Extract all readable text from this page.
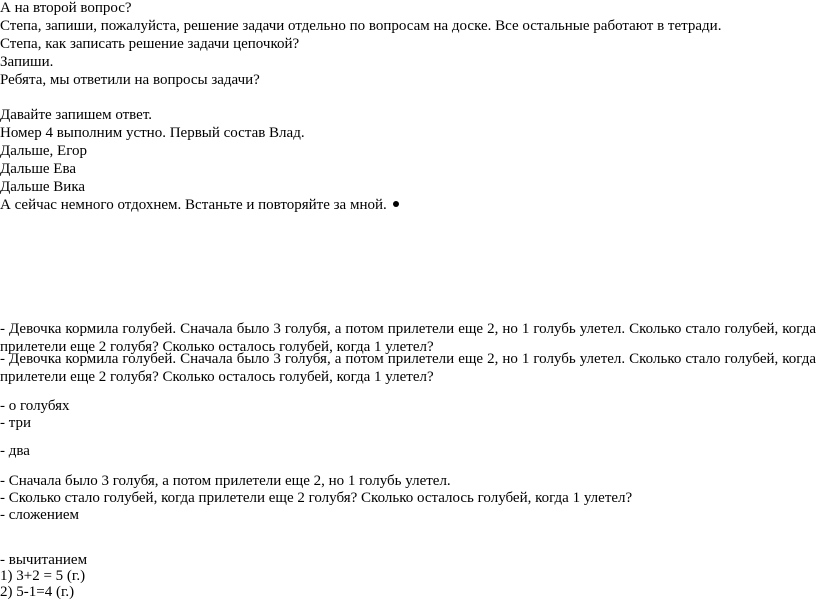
А на второй вопрос?
Степа, запиши, пожалуйста, решение задачи отдельно по вопросам на доске. Все остальные работают в тетради.
Степа, как записать решение задачи цепочкой?
Запиши.
Ребята, мы ответили на вопросы задачи?
Давайте запишем ответ.
Номер 4 выполним устно. Первый состав Влад.
Дальше, Егор
Дальше Ева
Дальше Вика
А сейчас немного отдохнем. Встаньте и повторяйте за мной.
- Девочка кормила голубей. Сначала было 3 голубя, а потом прилетели еще 2, но 1 голубь улетел. Сколько стало голубей, когда прилетели еще 2 голубя? Сколько осталось голубей, когда 1 улетел?
- Девочка кормила голубей. Сначала было 3 голубя, а потом прилетели еще 2, но 1 голубь улетел. Сколько стало голубей, когда прилетели еще 2 голубя? Сколько осталось голубей, когда 1 улетел?
- о голубях
- три
- два
- Сначала было 3 голубя, а потом прилетели еще 2, но 1 голубь улетел.
- Сколько стало голубей, когда прилетели еще 2 голубя? Сколько осталось голубей, когда 1 улетел?
- сложением
- вычитанием
1) 3+2 = 5 (г.)
2) 5-1=4 (г.)
